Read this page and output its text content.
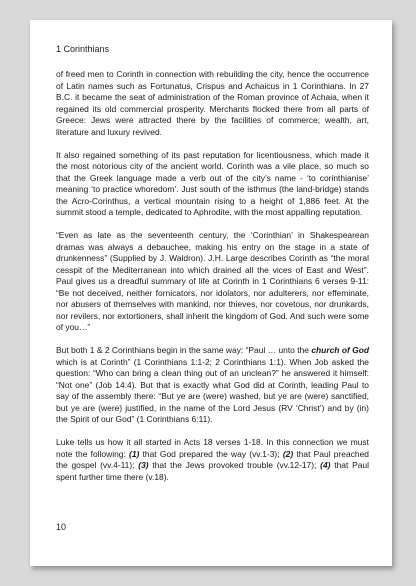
1 Corinthians

of freed men to Corinth in connection with rebuilding the city, hence the occurrence of Latin names such as Fortunatus, Crispus and Achaicus in 1 Corinthians. In 27 B.C. it became the seat of administration of the Roman province of Achaia, when it regained its old commercial prosperity. Merchants flocked there from all parts of Greece: Jews were attracted there by the facilities of commerce; wealth, art, literature and luxury revived.

It also regained something of its past reputation for licentiousness, which made it the most notorious city of the ancient world. Corinth was a vile place, so much so that the Greek language made a verb out of the city’s name - ‘to corinthianise’ meaning ‘to practice whoredom’. Just south of the isthmus (the land-bridge) stands the Acro-Corinthus, a vertical mountain rising to a height of 1,886 feet. At the summit stood a temple, dedicated to Aphrodite, with the most appalling reputation.

“Even as late as the seventeenth century, the ‘Corinthian’ in Shakespearean dramas was always a debauchee, making his entry on the stage in a state of drunkenness” (Supplied by J. Waldron). J.H. Large describes Corinth as “the moral cesspit of the Mediterranean into which drained all the vices of East and West”. Paul gives us a dreadful summary of life at Corinth in 1 Corinthians 6 verses 9-11: “Be not deceived, neither fornicators, nor idolators, nor adulterers, nor effeminate, nor abusers of themselves with mankind, nor thieves, nor covetous, nor drunkards, nor revilers, nor extortioners, shall inherit the kingdom of God. And such were some of you…”

But both 1 & 2 Corinthians begin in the same way: “Paul … unto the church of God which is at Corinth” (1 Corinthians 1:1-2; 2 Corinthians 1:1). When Job asked the question: “Who can bring a clean thing out of an unclean?” he answered it himself: “Not one” (Job 14:4). But that is exactly what God did at Corinth, leading Paul to say of the assembly there: “But ye are (were) washed, but ye are (were) sanctified, but ye are (were) justified, in the name of the Lord Jesus (RV ‘Christ’) and by (in) the Spirit of our God” (1 Corinthians 6:11).

Luke tells us how it all started in Acts 18 verses 1-18. In this connection we must note the following: (1) that God prepared the way (vv.1-3); (2) that Paul preached the gospel (vv.4-11); (3) that the Jews provoked trouble (vv.12-17); (4) that Paul spent further time there (v.18).

10
